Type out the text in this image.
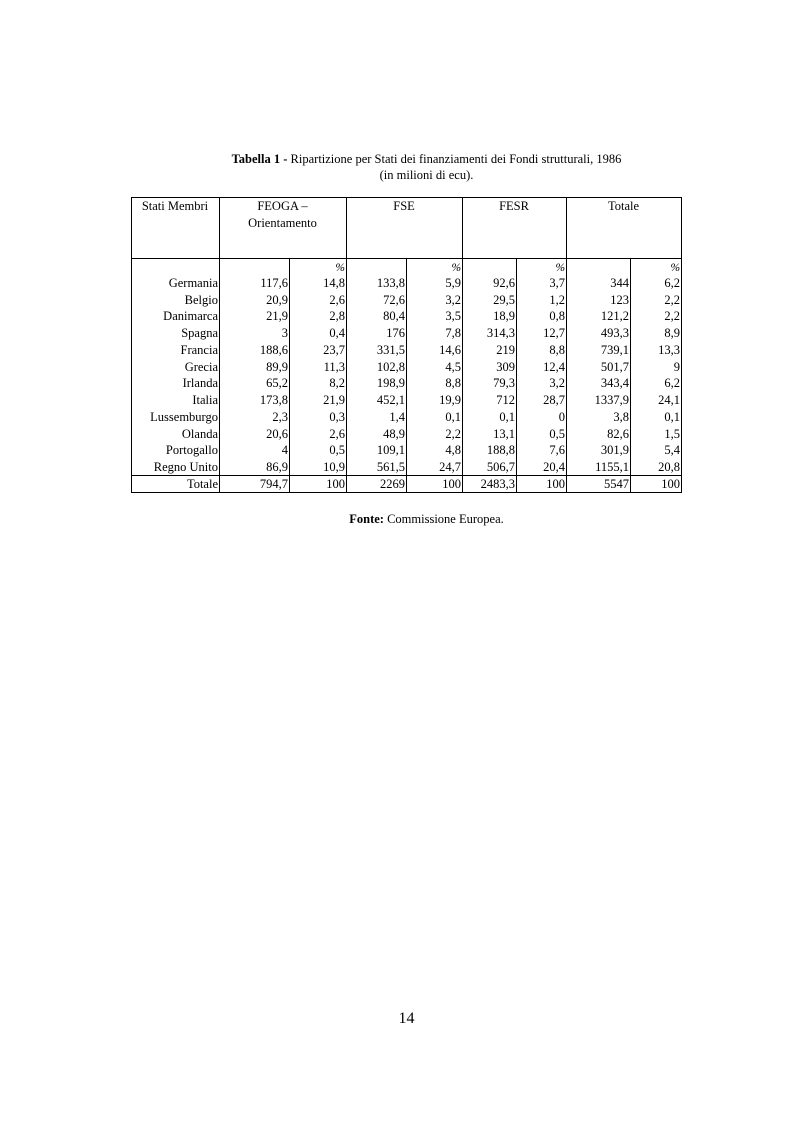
Tabella 1 - Ripartizione per Stati dei finanziamenti dei Fondi strutturali, 1986
(in milioni di ecu).
Stati Membri	FEOGA –
Orientamento		FSE		FESR		Totale	
		%		%		%		%
Germania	117,6	14,8	133,8	5,9	92,6	3,7	344	6,2
Belgio	20,9	2,6	72,6	3,2	29,5	1,2	123	2,2
Danimarca	21,9	2,8	80,4	3,5	18,9	0,8	121,2	2,2
Spagna	3	0,4	176	7,8	314,3	12,7	493,3	8,9
Francia	188,6	23,7	331,5	14,6	219	8,8	739,1	13,3
Grecia	89,9	11,3	102,8	4,5	309	12,4	501,7	9
Irlanda	65,2	8,2	198,9	8,8	79,3	3,2	343,4	6,2
Italia	173,8	21,9	452,1	19,9	712	28,7	1337,9	24,1
Lussemburgo	2,3	0,3	1,4	0,1	0,1	0	3,8	0,1
Olanda	20,6	2,6	48,9	2,2	13,1	0,5	82,6	1,5
Portogallo	4	0,5	109,1	4,8	188,8	7,6	301,9	5,4
Regno Unito	86,9	10,9	561,5	24,7	506,7	20,4	1155,1	20,8
Totale	794,7	100	2269	100	2483,3	100	5547	100
Fonte: Commissione Europea.
14
